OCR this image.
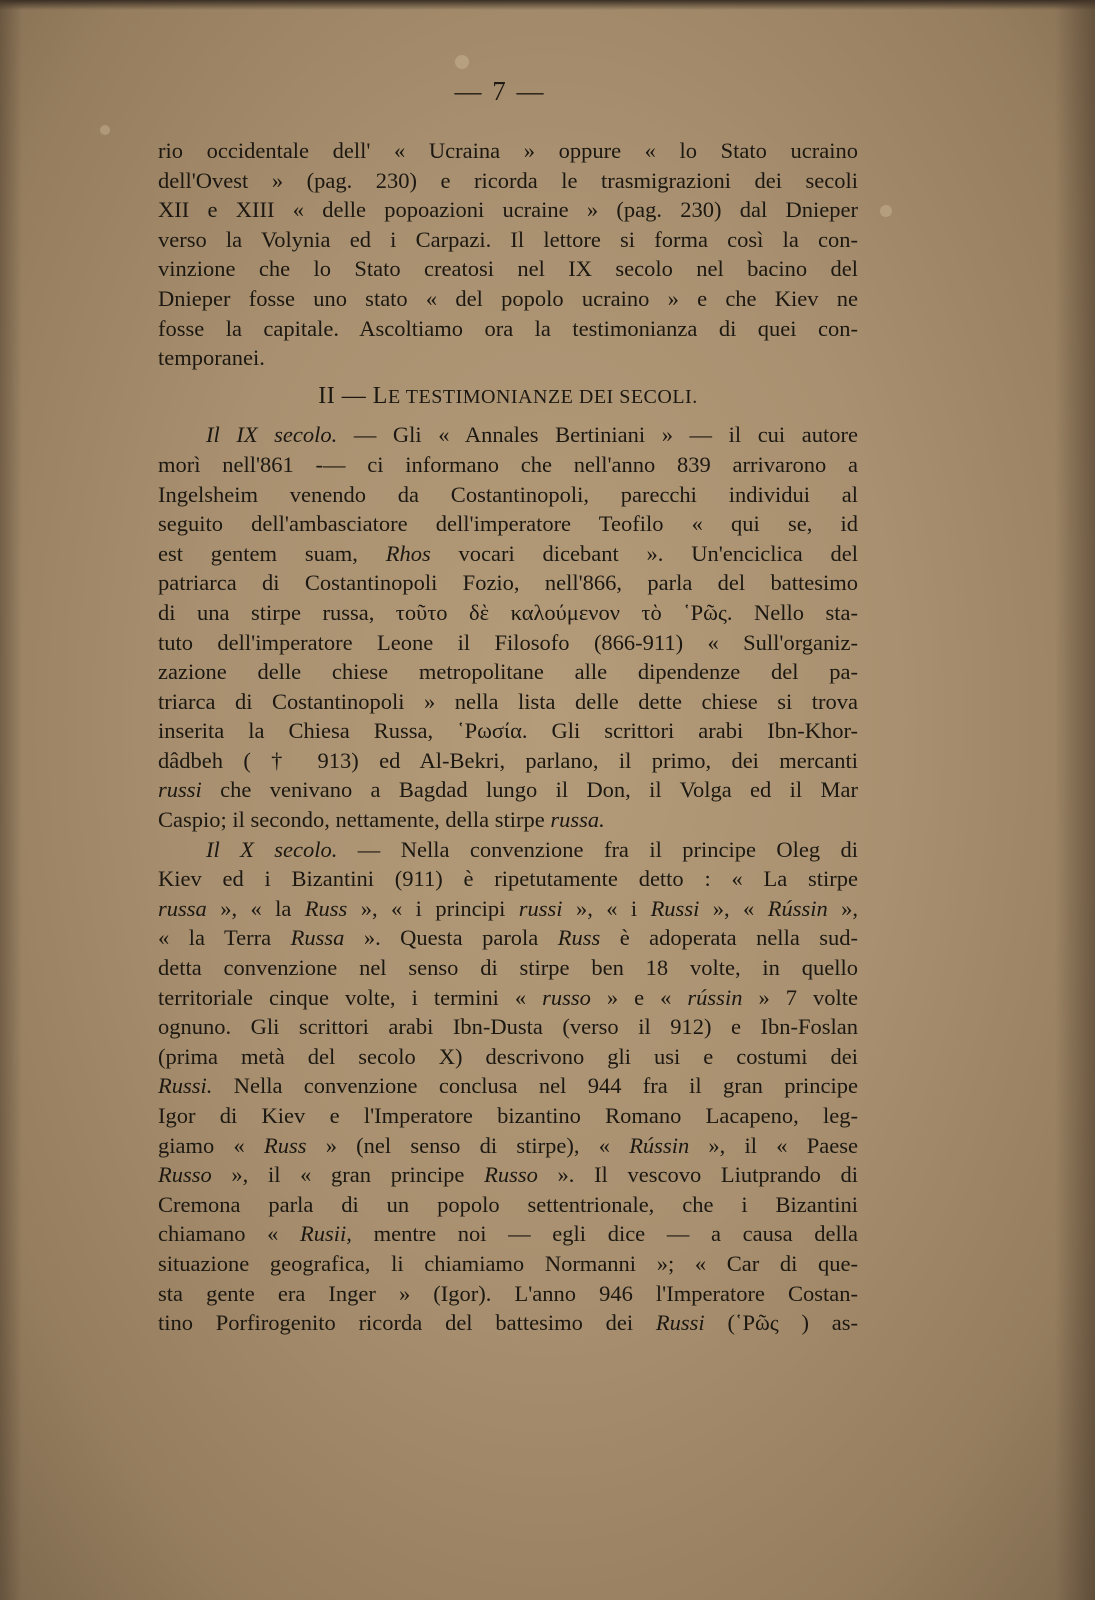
— 7 —
rio occidentale dell' « Ucraina » oppure « lo Stato ucraino
dell'Ovest » (pag. 230) e ricorda le trasmigrazioni dei secoli
XII e XIII « delle popoazioni ucraine » (pag. 230) dal Dnieper
verso la Volynia ed i Carpazi. Il lettore si forma così la con-
vinzione che lo Stato creatosi nel IX secolo nel bacino del
Dnieper fosse uno stato « del popolo ucraino » e che Kiev ne
fosse la capitale. Ascoltiamo ora la testimonianza di quei con-
temporanei.
II — LE TESTIMONIANZE DEI SECOLI.
Il IX secolo. — Gli « Annales Bertiniani » — il cui autore
morì nell'861 -— ci informano che nell'anno 839 arrivarono a
Ingelsheim venendo da Costantinopoli, parecchi individui al
seguito dell'ambasciatore dell'imperatore Teofilo « qui se, id
est gentem suam, Rhos vocari dicebant ». Un'enciclica del
patriarca di Costantinopoli Fozio, nell'866, parla del battesimo
di una stirpe russa, τοῦτο δὲ καλούμενον τὸ ῾Ρῶς. Nello sta-
tuto dell'imperatore Leone il Filosofo (866-911) « Sull'organiz-
zazione delle chiese metropolitane alle dipendenze del pa-
triarca di Costantinopoli » nella lista delle dette chiese si trova
inserita la Chiesa Russa, ῾Ρωσία. Gli scrittori arabi Ibn-Khor-
dâdbeh ( † 913) ed Al-Bekri, parlano, il primo, dei mercanti
russi che venivano a Bagdad lungo il Don, il Volga ed il Mar
Caspio; il secondo, nettamente, della stirpe russa.
Il X secolo. — Nella convenzione fra il principe Oleg di
Kiev ed i Bizantini (911) è ripetutamente detto : « La stirpe
russa », « la Russ », « i principi russi », « i Russi », « Rússin »,
« la Terra Russa ». Questa parola Russ è adoperata nella sud-
detta convenzione nel senso di stirpe ben 18 volte, in quello
territoriale cinque volte, i termini « russo » e « rússin » 7 volte
ognuno. Gli scrittori arabi Ibn-Dusta (verso il 912) e Ibn-Foslan
(prima metà del secolo X) descrivono gli usi e costumi dei
Russi. Nella convenzione conclusa nel 944 fra il gran principe
Igor di Kiev e l'Imperatore bizantino Romano Lacapeno, leg-
giamo « Russ » (nel senso di stirpe), « Rússin », il « Paese
Russo », il « gran principe Russo ». Il vescovo Liutprando di
Cremona parla di un popolo settentrionale, che i Bizantini
chiamano « Rusii, mentre noi — egli dice — a causa della
situazione geografica, li chiamiamo Normanni »; « Car di que-
sta gente era Inger » (Igor). L'anno 946 l'Imperatore Costan-
tino Porfirogenito ricorda del battesimo dei Russi (῾Ρῶς ) as-
